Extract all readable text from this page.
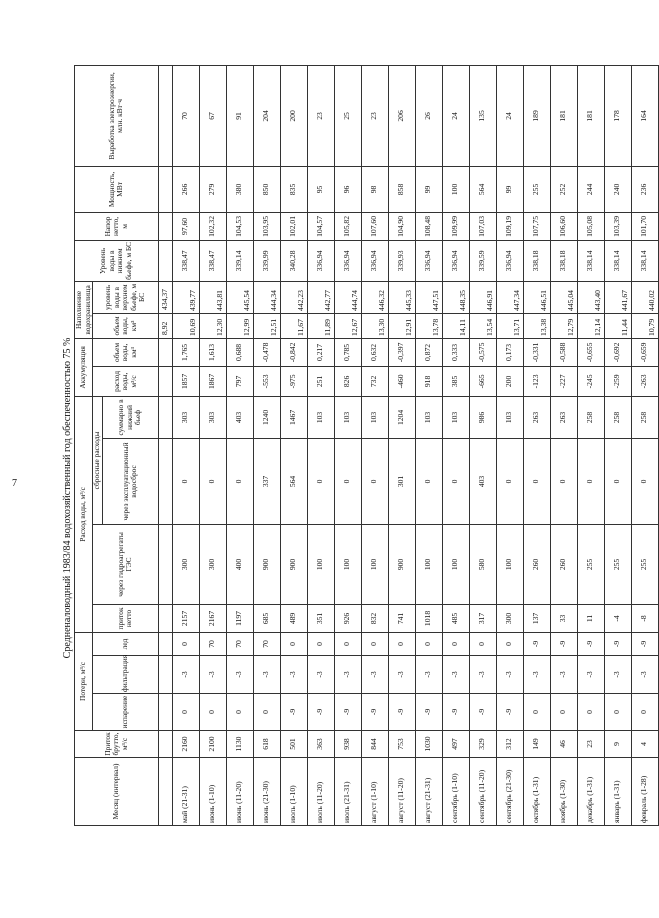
7	Средненаловодный 1983/84 водохозяйственный год обеспеченностью 75 %
Месяц (интервал)	Приток брутто, м³/с	Потери, м³/с			Расход воды, м³/с				Аккумуляция		Наполнение водохранилища		Уровень воды в нижнем бьефе, м БС	Напор нетто, м	Мощность, МВт	Выработка электроэнергии, млн. кВт·ч
		испарение	фильтрация	лед	приток нетто	через гидроагрегаты ГЭС	сбросные расходы		расход воды, м³/с	объем воды, км³	объем воды, км³	уровень воды в верхнем бьефе, м БС				
							через эксплуатационный водосброс	суммарно в нижний бьеф								
											8,92	434,37				
май (21-31)	2160	0	-3	0	2157	300	0	303	1857	1,765	10,69	439,77	338,47	97,60	266	70
июнь (1-10)	2100	0	-3	70	2167	300	0	303	1867	1,613	12,30	443,81	338,47	102,32	279	67
июнь (11-20)	1130	0	-3	70	1197	400	0	403	797	0,688	12,99	445,54	339,14	104,53	380	91
июнь (21-30)	618	0	-3	70	685	900	337	1240	-553	-0,478	12,51	444,34	339,99	103,95	850	204
июль (1-10)	501	-9	-3	0	489	900	564	1467	-975	-0,842	11,67	442,23	340,28	102,01	835	200
июль (11-20)	363	-9	-3	0	351	100	0	103	251	0,217	11,89	442,77	336,94	104,57	95	23
июль (21-31)	938	-9	-3	0	926	100	0	103	826	0,785	12,67	444,74	336,94	105,82	96	25
август (1-10)	844	-9	-3	0	832	100	0	103	732	0,632	13,30	446,32	336,94	107,60	98	23
август (11-20)	753	-9	-3	0	741	900	301	1204	-460	-0,397	12,91	445,33	339,93	104,90	858	206
август (21-31)	1030	-9	-3	0	1018	100	0	103	918	0,872	13,78	447,51	336,94	108,48	99	26
сентябрь (1-10)	497	-9	-3	0	485	100	0	103	385	0,333	14,11	448,35	336,94	109,99	100	24
сентябрь (11-20)	329	-9	-3	0	317	580	403	986	-665	-0,575	13,54	446,91	339,59	107,03	564	135
сентябрь (21-30)	312	-9	-3	0	300	100	0	103	200	0,173	13,71	447,34	336,94	109,19	99	24
октябрь (1-31)	149	0	-3	-9	137	260	0	263	-123	-0,331	13,38	446,51	338,18	107,75	255	189
ноябрь (1-30)	46	0	-3	-9	33	260	0	263	-227	-0,588	12,79	445,04	338,18	106,60	252	181
декабрь (1-31)	23	0	-3	-9	11	255	0	258	-245	-0,655	12,14	443,40	338,14	105,08	244	181
январь (1-31)	9	0	-3	-9	-4	255	0	258	-259	-0,692	11,44	441,67	338,14	103,39	240	178
февраль (1-28)	4	0	-3	-9	-8	255	0	258	-263	-0,659	10,79	440,02	338,14	101,70	236	164
